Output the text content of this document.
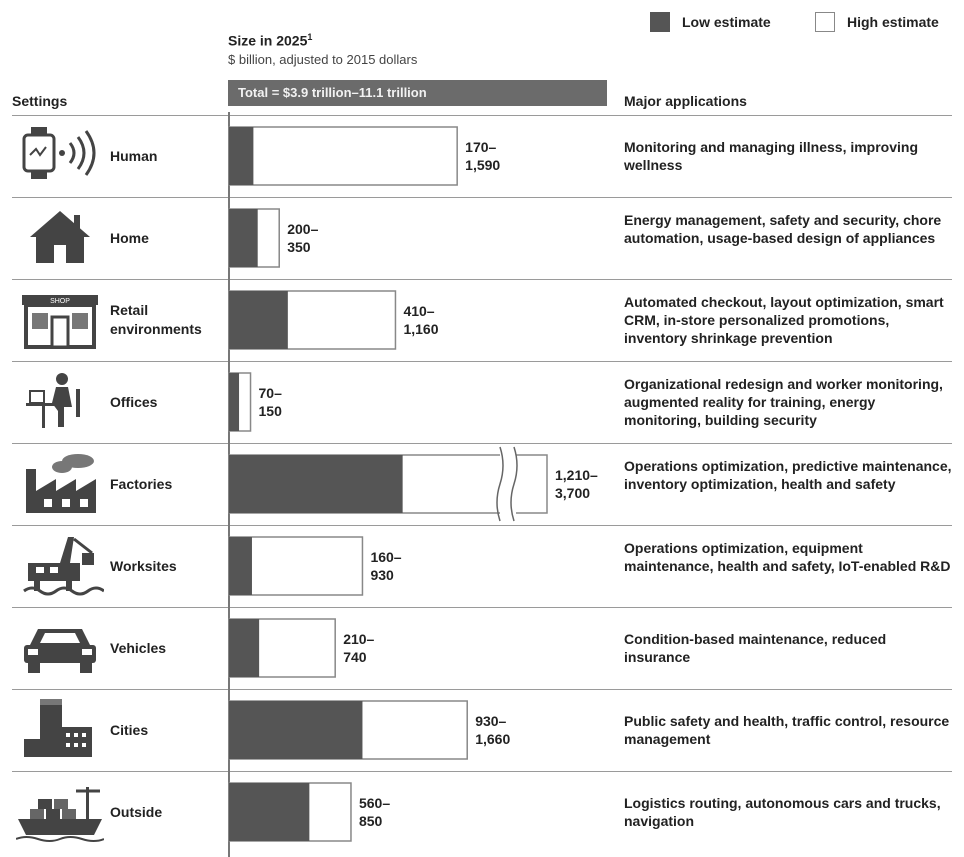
Low estimate	High estimate
Size in 2025$^1$
$ billion, adjusted to 2015 dollars
Total = $3.9 trillion–11.1 trillion
Settings	Major applications
Human
Monitoring and managing illness, improving wellness
Home
Energy management, safety and security, chore automation, usage-based design of appliances
SHOP
Retail
environments
Automated checkout, layout optimization, smart CRM, in-store personalized promotions, inventory shrinkage prevention
Offices
Organizational redesign and worker monitoring, augmented reality for training, energy monitoring, building security
Factories
Operations optimization, predictive maintenance, inventory optimization, health and safety
Worksites
Operations optimization, equipment maintenance, health and safety, IoT-enabled R&D
Vehicles
Condition-based maintenance, reduced insurance
Cities
Public safety and health, traffic control, resource management
Outside
Logistics routing, autonomous cars and trucks, navigation
170–
1,590
200–
350
410–
1,160
70–
150
1,210–
3,700
160–
930
210–
740
930–
1,660
560–
850
